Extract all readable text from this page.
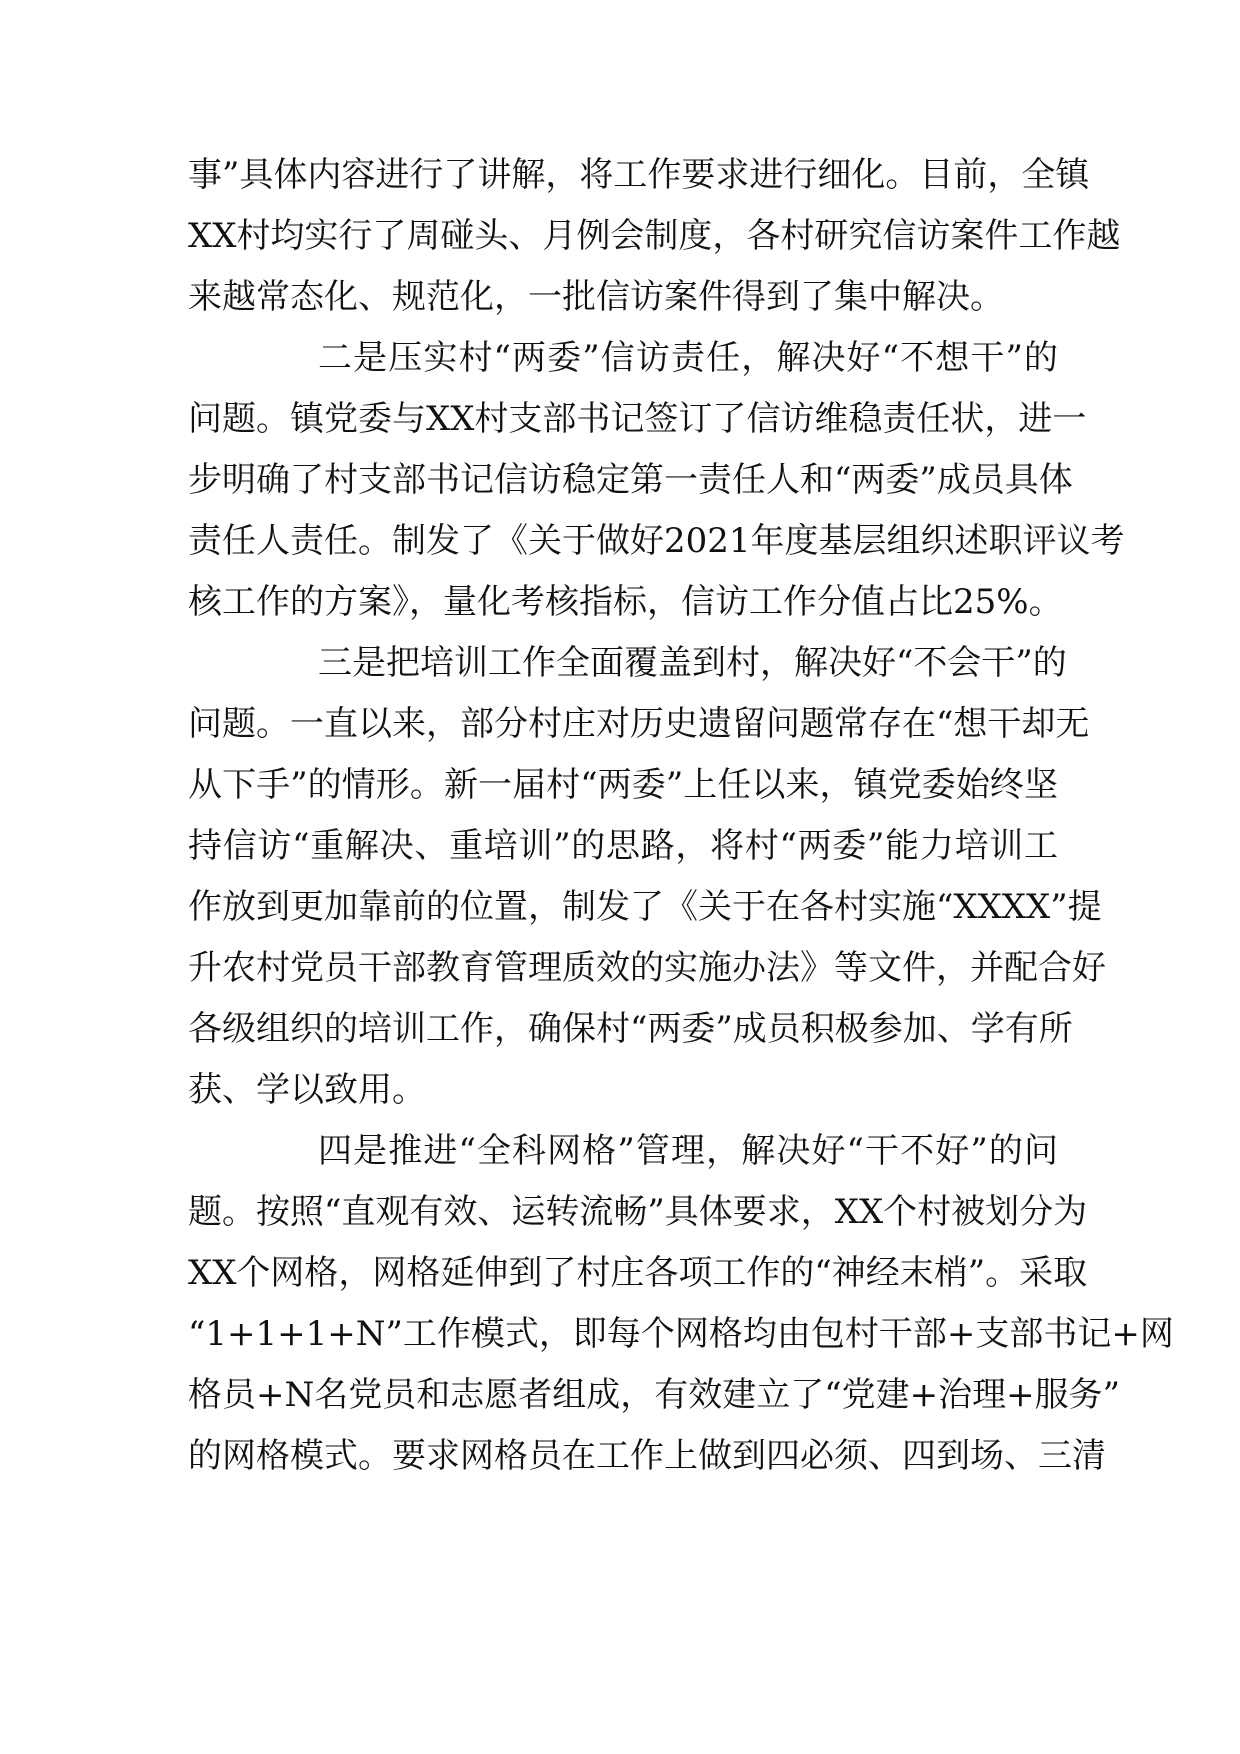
事”具体内容进行了讲解，将工作要求进行细化。目前，全镇
XX村均实行了周碰头、月例会制度，各村研究信访案件工作越
来越常态化、规范化，一批信访案件得到了集中解决。
二是压实村“两委”信访责任，解决好“不想干”的
问题。镇党委与XX村支部书记签订了信访维稳责任状，进一
步明确了村支部书记信访稳定第一责任人和“两委”成员具体
责任人责任。制发了《关于做好2021年度基层组织述职评议考
核工作的方案》，量化考核指标，信访工作分值占比25%。
三是把培训工作全面覆盖到村，解决好“不会干”的
问题。一直以来，部分村庄对历史遗留问题常存在“想干却无
从下手”的情形。新一届村“两委”上任以来，镇党委始终坚
持信访“重解决、重培训”的思路，将村“两委”能力培训工
作放到更加靠前的位置，制发了《关于在各村实施“XXXX”提
升农村党员干部教育管理质效的实施办法》等文件，并配合好
各级组织的培训工作，确保村“两委”成员积极参加、学有所
获、学以致用。
四是推进“全科网格”管理，解决好“干不好”的问
题。按照“直观有效、运转流畅”具体要求，XX个村被划分为
XX个网格，网格延伸到了村庄各项工作的“神经末梢”。采取
“1+1+1+N”工作模式，即每个网格均由包村干部+支部书记+网
格员+N名党员和志愿者组成，有效建立了“党建+治理+服务”
的网格模式。要求网格员在工作上做到四必须、四到场、三清
